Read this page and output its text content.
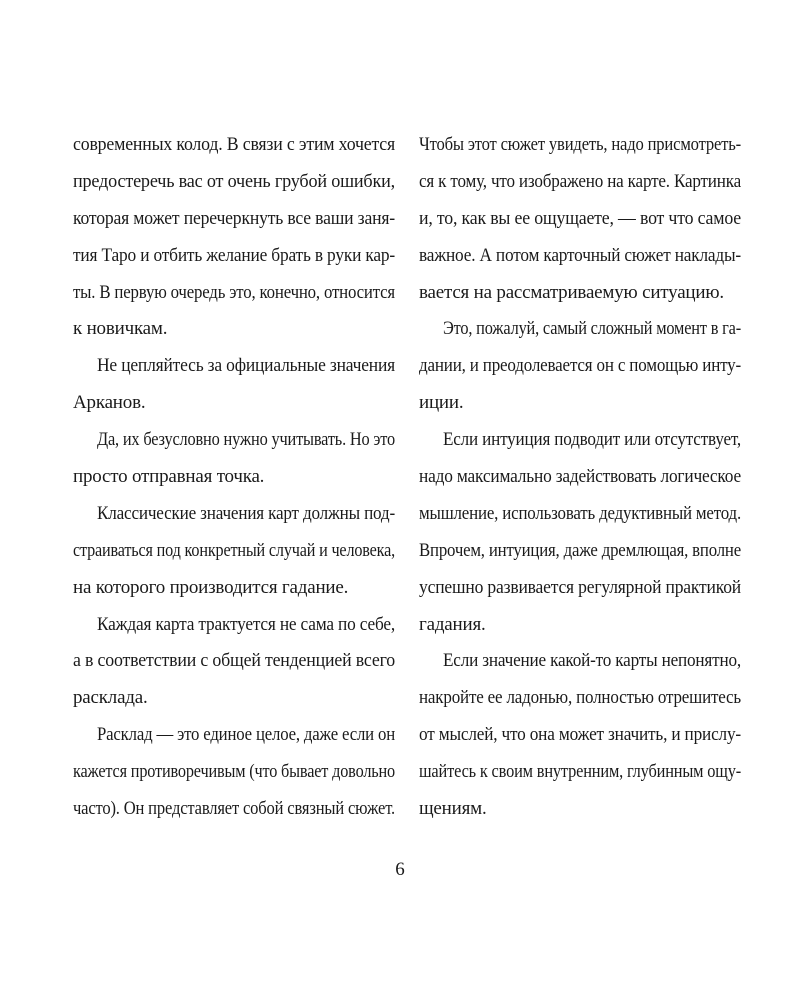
современных колод. В связи с этим хочется
предостеречь вас от очень грубой ошибки,
которая может перечеркнуть все ваши заня-
тия Таро и отбить желание брать в руки кар-
ты. В первую очередь это, конечно, относится
к новичкам.
Не цепляйтесь за официальные значения
Арканов.
Да, их безусловно нужно учитывать. Но это
просто отправная точка.
Классические значения карт должны под-
страиваться под конкретный случай и человека,
на которого производится гадание.
Каждая карта трактуется не сама по себе,
а в соответствии с общей тенденцией всего
расклада.
Расклад — это единое целое, даже если он
кажется противоречивым (что бывает довольно
часто). Он представляет собой связный сюжет.
Чтобы этот сюжет увидеть, надо присмотреть-
ся к тому, что изображено на карте. Картинка
и, то, как вы ее ощущаете, — вот что самое
важное. А потом карточный сюжет наклады-
вается на рассматриваемую ситуацию.
Это, пожалуй, самый сложный момент в га-
дании, и преодолевается он с помощью инту-
иции.
Если интуиция подводит или отсутствует,
надо максимально задействовать логическое
мышление, использовать дедуктивный метод.
Впрочем, интуиция, даже дремлющая, вполне
успешно развивается регулярной практикой
гадания.
Если значение какой-то карты непонятно,
накройте ее ладонью, полностью отрешитесь
от мыслей, что она может значить, и прислу-
шайтесь к своим внутренним, глубинным ощу-
щениям.
6
